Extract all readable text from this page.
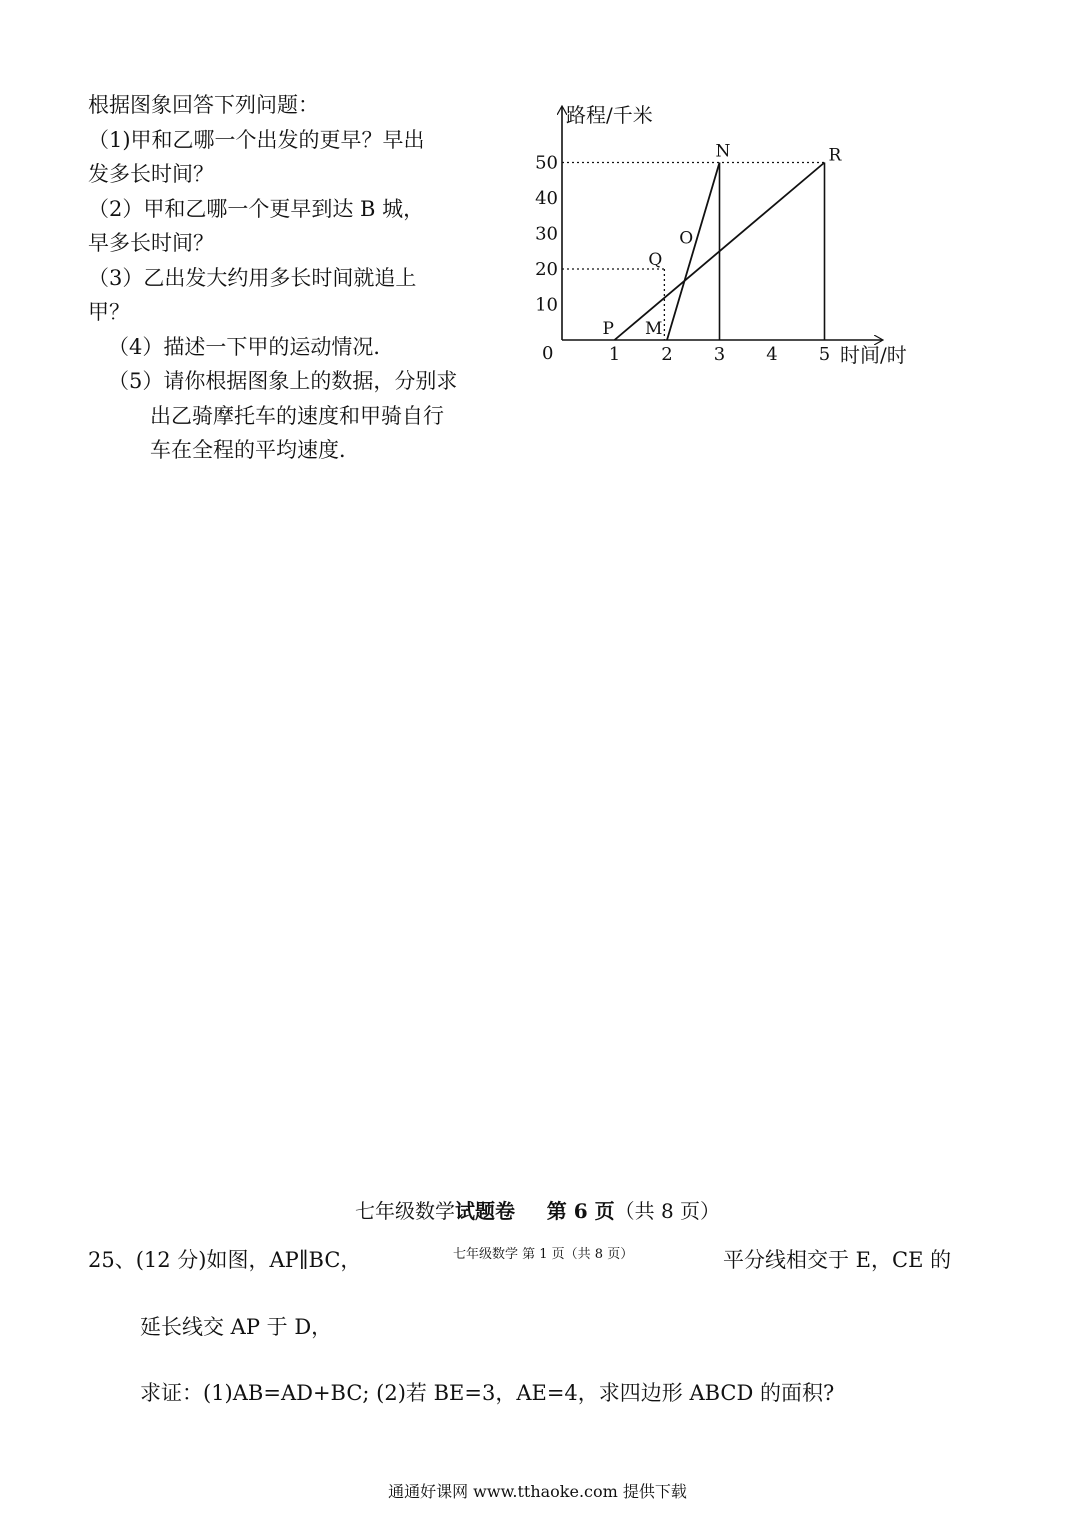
根据图象回答下列问题：
（1)甲和乙哪一个出发的更早？早出
发多长时间？
（2）甲和乙哪一个更早到达 B 城，
早多长时间？
（3）乙出发大约用多长时间就追上
甲？
（4）描述一下甲的运动情况．
（5）请你根据图象上的数据，分别求
出乙骑摩托车的速度和甲骑自行
车在全程的平均速度．
路程/千米
时间/时
0	1 2 3 4 5
10
20
30
40
50
P M
N	R
Q
O
七年级数学试题卷 第 6 页（共 8 页）
25、(12 分)如图，AP∥BC，	七年级数学 第 1 页（共 8 页）	平分线相交于 E，CE 的
延长线交 AP 于 D，
求证：(1)AB=AD+BC; (2)若 BE=3，AE=4，求四边形 ABCD 的面积?
通通好课网 www.tthaoke.com 提供下载
